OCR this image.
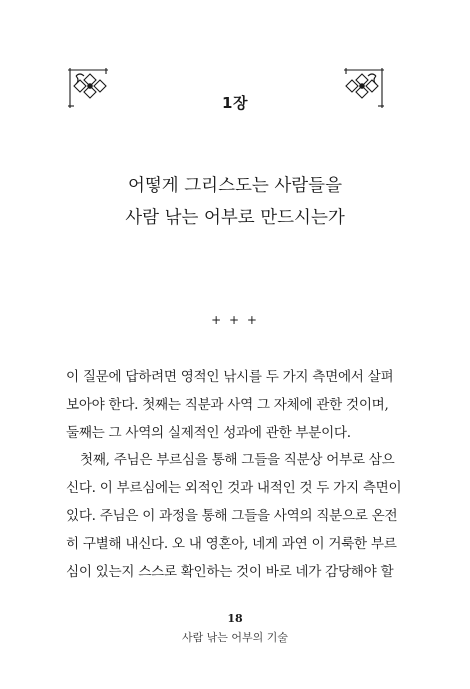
1장
어떻게 그리스도는 사람들을
사람 낚는 어부로 만드시는가
+ + +
이 질문에 답하려면 영적인 낚시를 두 가지 측면에서 살펴
보아야 한다. 첫째는 직분과 사역 그 자체에 관한 것이며,
둘째는 그 사역의 실제적인 성과에 관한 부분이다.
첫째, 주님은 부르심을 통해 그들을 직분상 어부로 삼으
신다. 이 부르심에는 외적인 것과 내적인 것 두 가지 측면이
있다. 주님은 이 과정을 통해 그들을 사역의 직분으로 온전
히 구별해 내신다. 오 내 영혼아, 네게 과연 이 거룩한 부르
심이 있는지 스스로 확인하는 것이 바로 네가 감당해야 할
18
사람 낚는 어부의 기술
